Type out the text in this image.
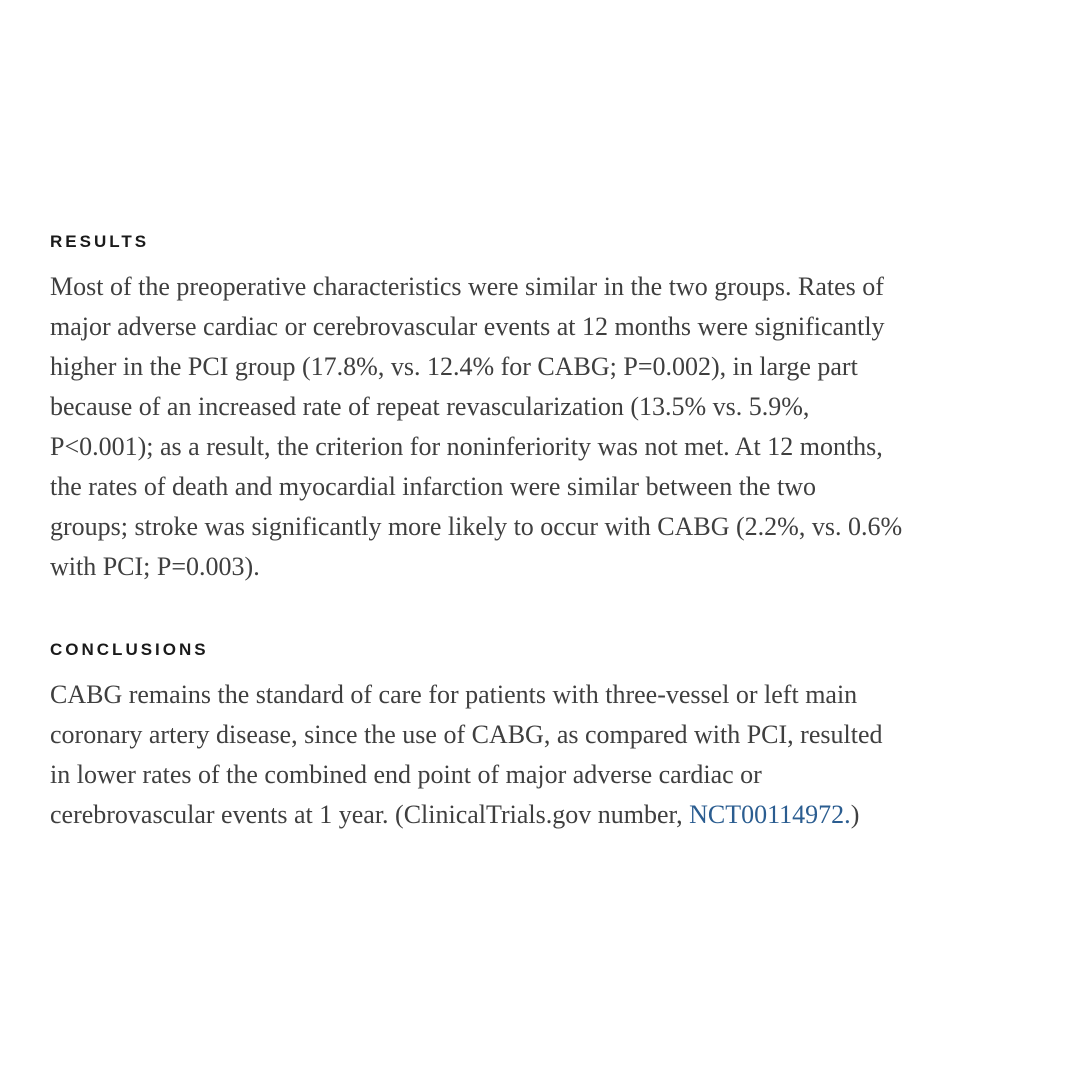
RESULTS
Most of the preoperative characteristics were similar in the two groups. Rates of
major adverse cardiac or cerebrovascular events at 12 months were significantly
higher in the PCI group (17.8%, vs. 12.4% for CABG; P=0.002), in large part
because of an increased rate of repeat revascularization (13.5% vs. 5.9%,
P<0.001); as a result, the criterion for noninferiority was not met. At 12 months,
the rates of death and myocardial infarction were similar between the two
groups; stroke was significantly more likely to occur with CABG (2.2%, vs. 0.6%
with PCI; P=0.003).
CONCLUSIONS
CABG remains the standard of care for patients with three-vessel or left main
coronary artery disease, since the use of CABG, as compared with PCI, resulted
in lower rates of the combined end point of major adverse cardiac or
cerebrovascular events at 1 year. (ClinicalTrials.gov number, NCT00114972.)
